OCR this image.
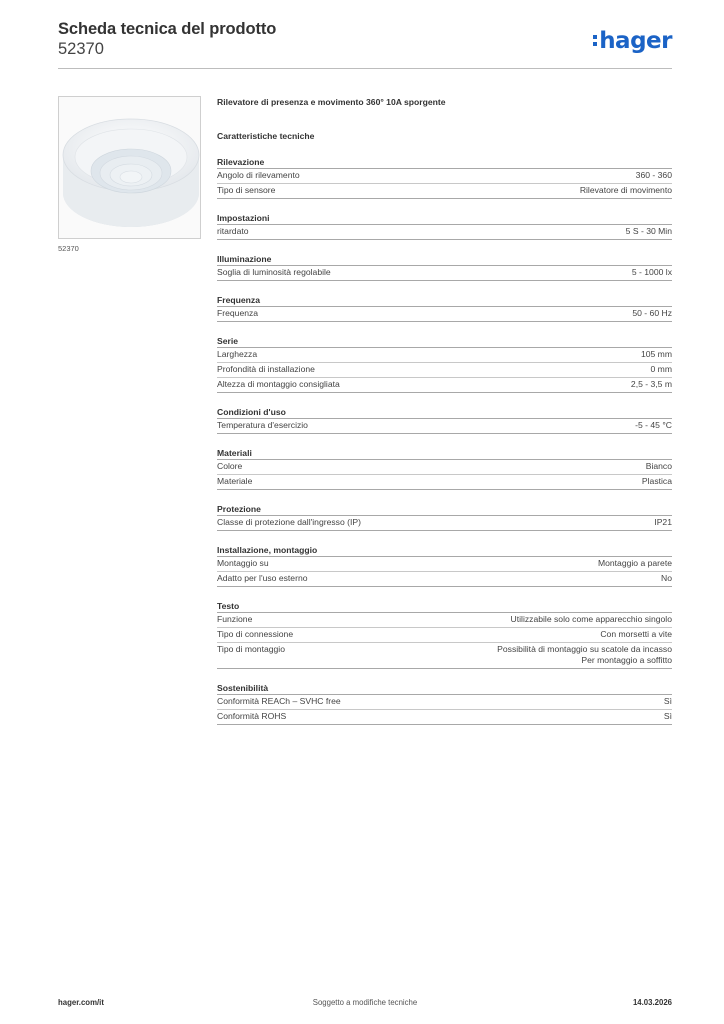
Scheda tecnica del prodotto
52370	hager
52370
Rilevatore di presenza e movimento 360° 10A sporgente
Caratteristiche tecniche
Rilevazione
Angolo di rilevamento	360 - 360
Tipo di sensore	Rilevatore di movimento
Impostazioni
ritardato	5 S - 30 Min
Illuminazione
Soglia di luminosità regolabile	5 - 1000 lx
Frequenza
Frequenza	50 - 60 Hz
Serie
Larghezza	105 mm
Profondità di installazione	0 mm
Altezza di montaggio consigliata	2,5 - 3,5 m
Condizioni d'uso
Temperatura d'esercizio	-5 - 45 °C
Materiali
Colore	Bianco
Materiale	Plastica
Protezione
Classe di protezione dall'ingresso (IP)	IP21
Installazione, montaggio
Montaggio su	Montaggio a parete
Adatto per l'uso esterno	No
Testo
Funzione	Utilizzabile solo come apparecchio singolo
Tipo di connessione	Con morsetti a vite
Tipo di montaggio	Possibilità di montaggio su scatole da incasso
Per montaggio a soffitto
Sostenibilità
Conformità REACh – SVHC free	Sì
Conformità ROHS	Sì
hager.com/it	Soggetto a modifiche tecniche	14.03.2026
